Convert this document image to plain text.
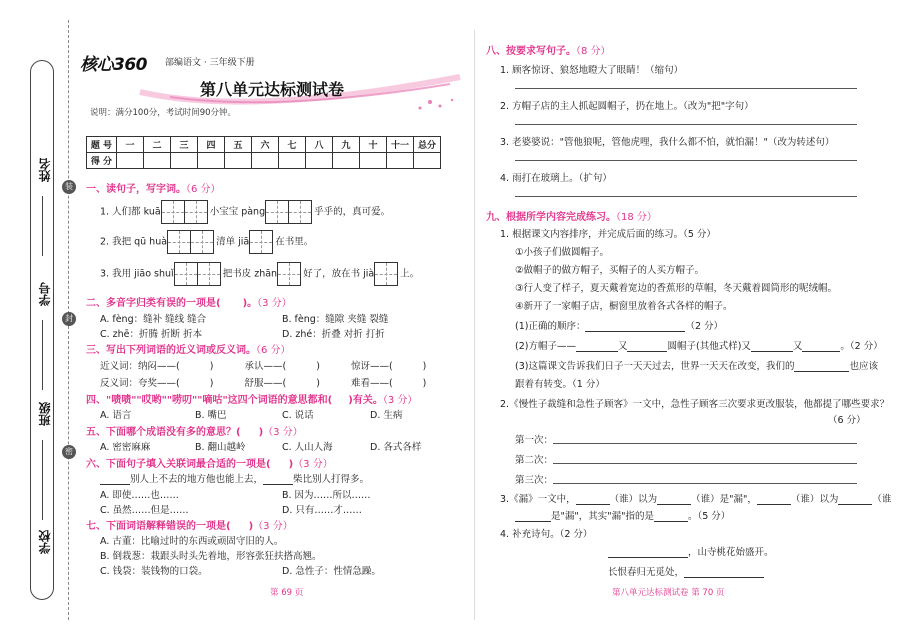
姓名
学号
班级
学校
装
封
密
核心360 部编语文 · 三年级下册
第八单元达标测试卷
说明：满分100分，考试时间90分钟。
题 号	一	二	三	四	五	六	七	八	九	十	十一	总分
得 分												
一、读句子，写字词。（6 分）
1. 人们都 kuā	小宝宝 pàng	乎乎的，真可爱。
2. 我把 qū huà	清单 jiā	在书里。
3. 我用 jiāo shuǐ	把书皮 zhān	好了，放在书 jià	上。
二、多音字归类有误的一项是( )。（3 分）
A. fèng：缝补 缝线 缝合	B. fèng：缝隙 夹缝 裂缝
C. zhē：折腾 折断 折本	D. zhé：折叠 对折 打折
三、写出下列词语的近义词或反义词。（6 分）
近义词：纳闷——(	)	承认——(	)	惊讶——(	)
反义词：夸奖——(	)	舒服——(	)	难看——(	)
四、"啧啧""哎哟""唠叨""嘀咕"这四个词语的意思都和( )有关。（3 分）
A. 语言	B. 嘴巴	C. 说话	D. 生病
五、下面哪个成语没有多的意思？( )（3 分）
A. 密密麻麻	B. 翻山越岭	C. 人山人海	D. 各式各样
六、下面句子填入关联词最合适的一项是( )（3 分）
别人上不去的地方他也能上去，	柴比别人打得多。
A. 即使……也……	B. 因为……所以……
C. 虽然……但是……	D. 只有……才……
七、下面词语解释错误的一项是( )（3 分）
A. 古董：比喻过时的东西或顽固守旧的人。
B. 倒栽葱：栽跟头时头先着地，形容张狂扶搭高翘。
C. 钱袋：装钱物的口袋。	D. 急性子：性情急躁。
第 69 页
八、按要求写句子。（8 分）
1. 顾客惊讶、狼怒地瞪大了眼睛！（缩句）
2. 方帽子店的主人抓起圆帽子，扔在地上。（改为"把"字句）
3. 老婆婆说："管他狼呢，管他虎哩，我什么都不怕，就怕漏！"（改为转述句）
4. 雨打在玻璃上。（扩句）
九、根据所学内容完成练习。（18 分）
1. 根据课文内容排序，并完成后面的练习。（5 分）
①小孩子们做圆帽子。
②做帽子的做方帽子，买帽子的人买方帽子。
③行人变了样子，夏天戴着宽边的香蕉形的草帽，冬天戴着圆筒形的呢绒帽。
④新开了一家帽子店，橱窗里放着各式各样的帽子。
(1)正确的顺序：	（2 分）
(2)方帽子——	又	圆帽子(其他式样)又	又	。（2 分）
(3)这篇课文告诉我们日子一天天过去，世界一天天在改变，我们的	也应该
跟着有转变。（1 分）
2.《慢性子裁缝和急性子顾客》一文中，急性子顾客三次要求更改服装，他都提了哪些要求？
（6 分）
第一次：
第二次：
第三次：
3.《漏》一文中，	（谁）以为	（谁）是"漏"，	（谁）以为	（谁
是"漏"，其实"漏"指的是	。（5 分）
4. 补充诗句。（2 分）
，山寺桃花始盛开。
长恨春归无觅处，
第八单元达标测试卷 第 70 页
